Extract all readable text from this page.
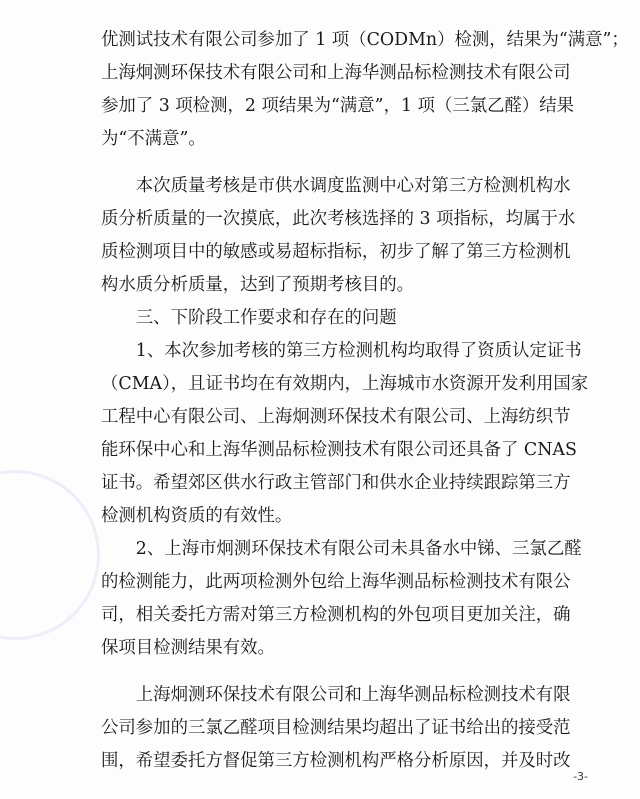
优测试技术有限公司参加了 1 项（CODMn）检测，结果为“满意”；
上海炯测环保技术有限公司和上海华测品标检测技术有限公司
参加了 3 项检测，2 项结果为“满意”，1 项（三氯乙醛）结果
为“不满意”。
　　本次质量考核是市供水调度监测中心对第三方检测机构水
质分析质量的一次摸底，此次考核选择的 3 项指标，均属于水
质检测项目中的敏感或易超标指标，初步了解了第三方检测机
构水质分析质量，达到了预期考核目的。
　　三、下阶段工作要求和存在的问题
　　1、本次参加考核的第三方检测机构均取得了资质认定证书
（CMA），且证书均在有效期内，上海城市水资源开发利用国家
工程中心有限公司、上海炯测环保技术有限公司、上海纺织节
能环保中心和上海华测品标检测技术有限公司还具备了 CNAS
证书。希望郊区供水行政主管部门和供水企业持续跟踪第三方
检测机构资质的有效性。
　　2、上海市炯测环保技术有限公司未具备水中锑、三氯乙醛
的检测能力，此两项检测外包给上海华测品标检测技术有限公
司，相关委托方需对第三方检测机构的外包项目更加关注，确
保项目检测结果有效。
　　上海炯测环保技术有限公司和上海华测品标检测技术有限
公司参加的三氯乙醛项目检测结果均超出了证书给出的接受范
围，希望委托方督促第三方检测机构严格分析原因，并及时改
-3-
